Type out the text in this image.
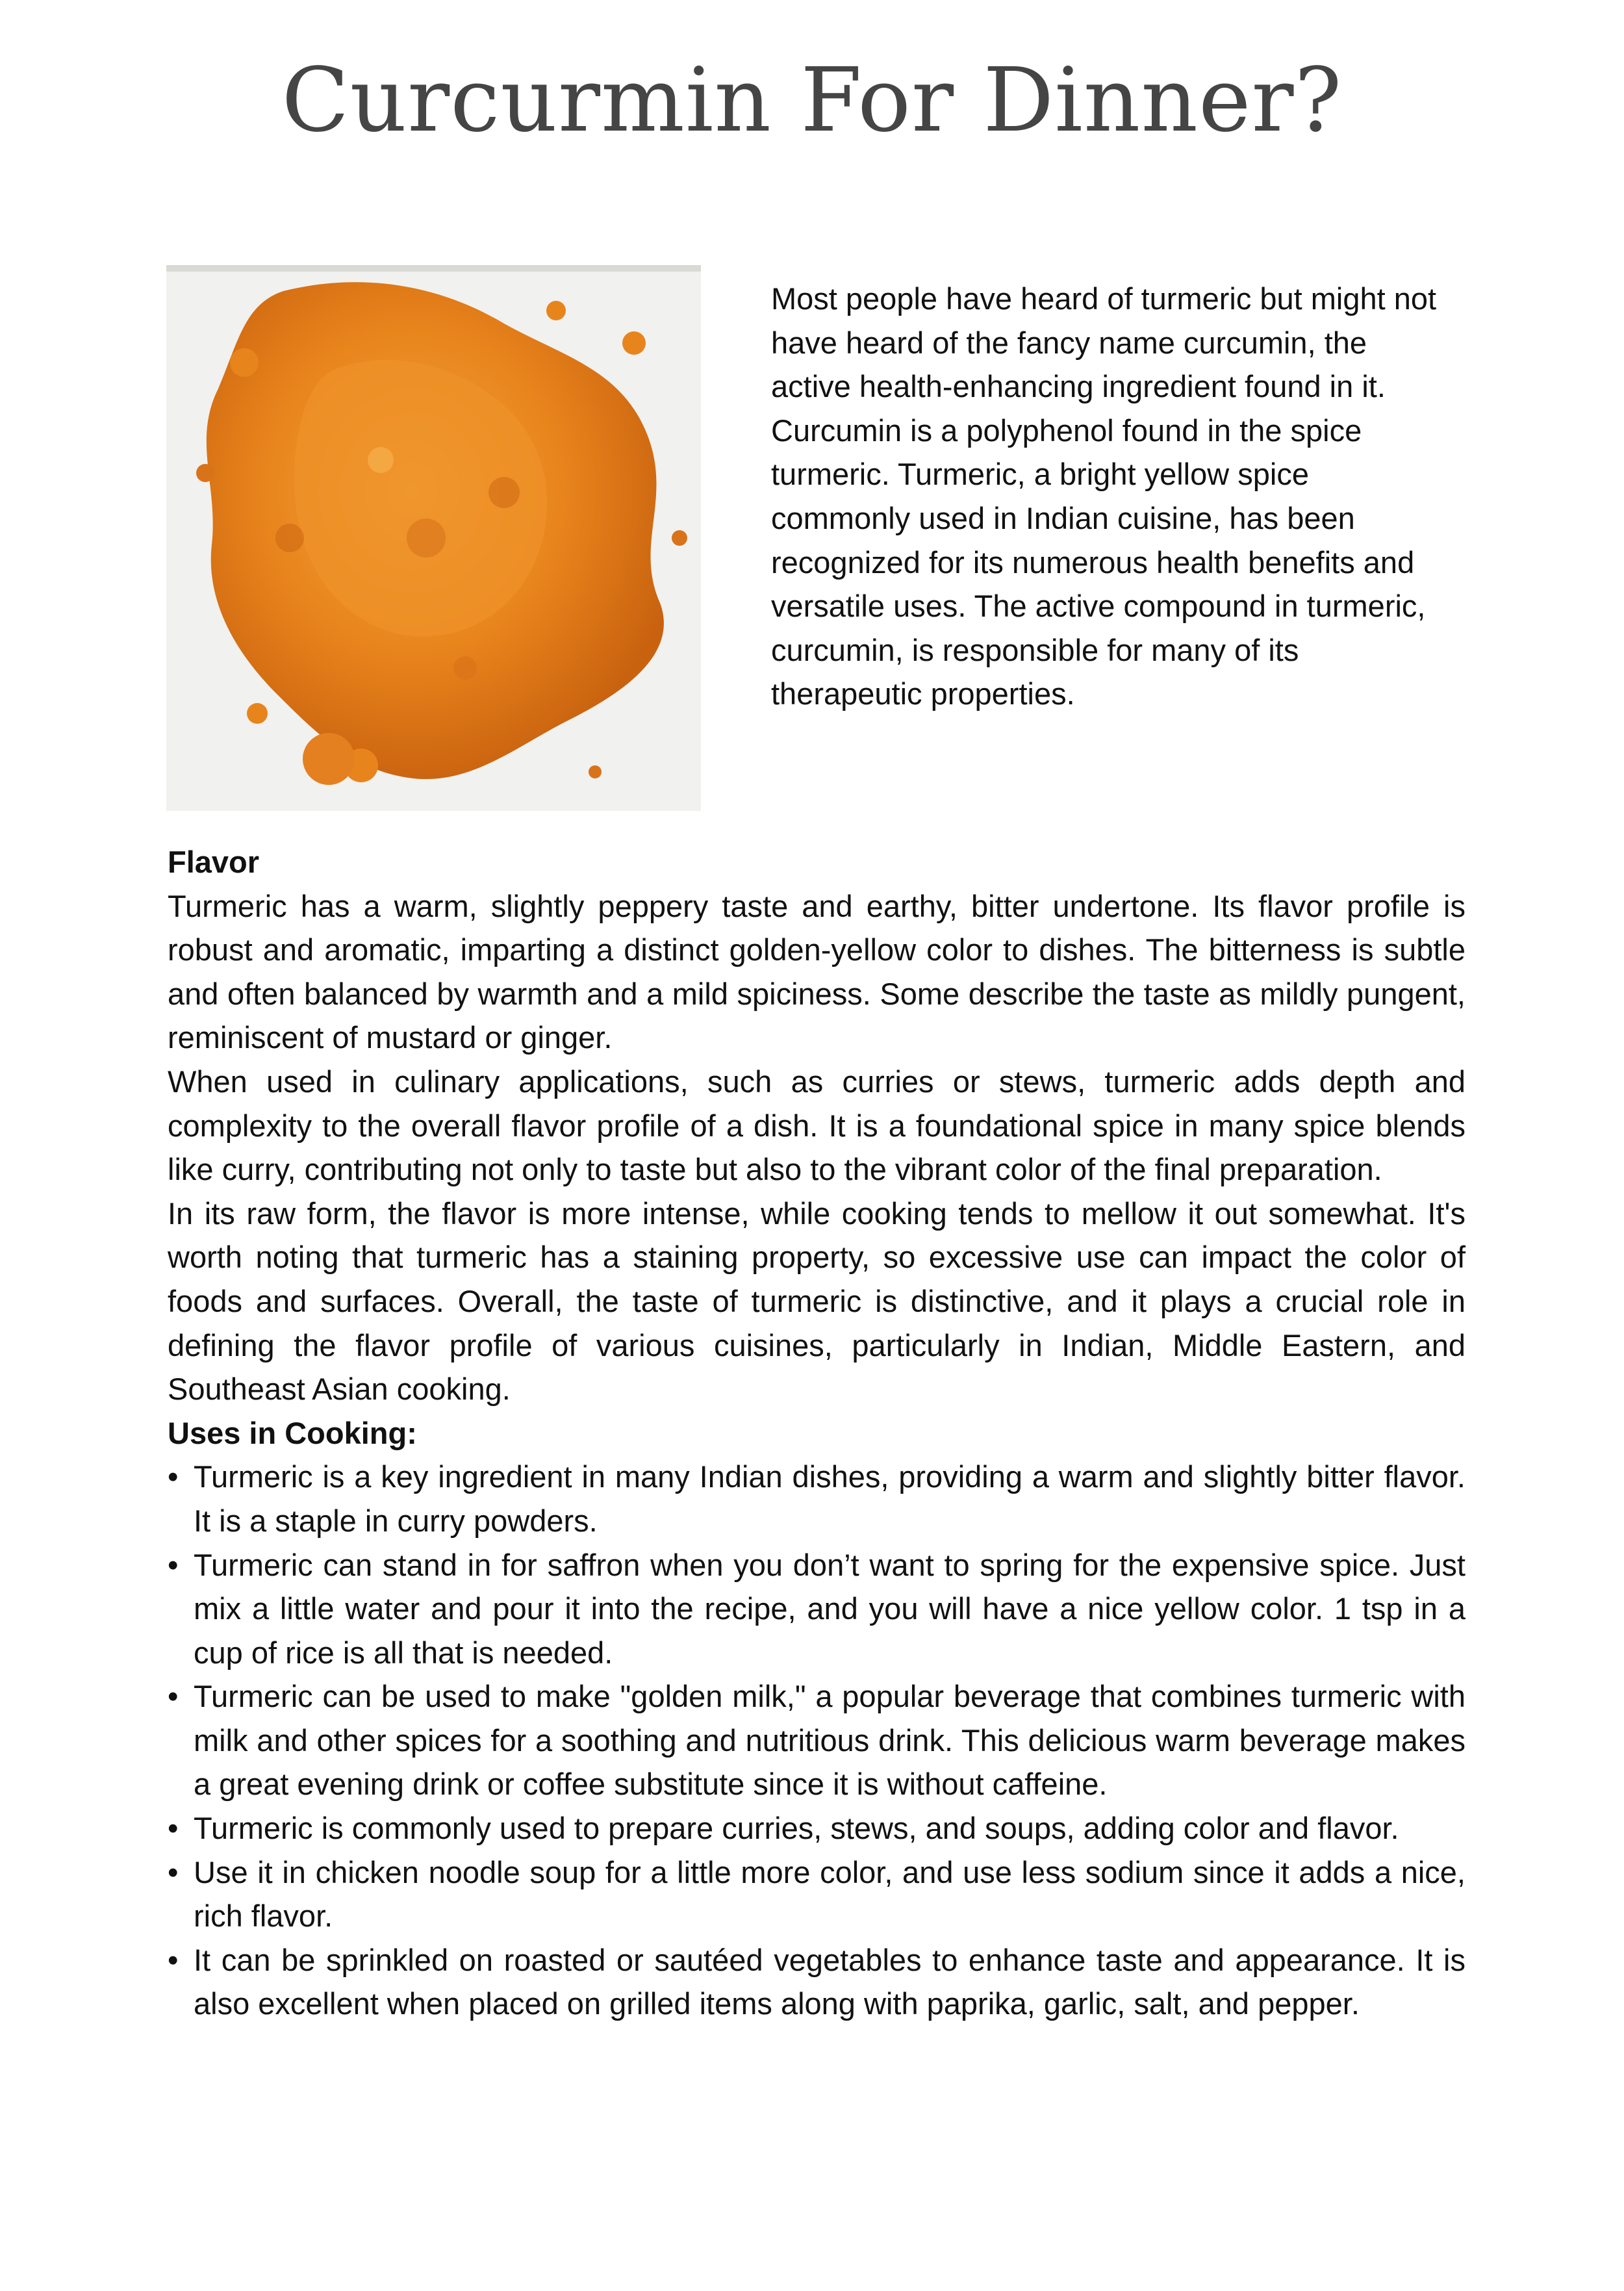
Curcurmin For Dinner?

Most people have heard of turmeric but might not have heard of the fancy name curcumin, the active health-enhancing ingredient found in it. Curcumin is a polyphenol found in the spice turmeric. Turmeric, a bright yellow spice commonly used in Indian cuisine, has been recognized for its numerous health benefits and versatile uses. The active compound in turmeric, curcumin, is responsible for many of its therapeutic properties.

Flavor

Turmeric has a warm, slightly peppery taste and earthy, bitter undertone. Its flavor profile is robust and aromatic, imparting a distinct golden-yellow color to dishes. The bitterness is subtle and often balanced by warmth and a mild spiciness. Some describe the taste as mildly pungent, reminiscent of mustard or ginger.

When used in culinary applications, such as curries or stews, turmeric adds depth and complexity to the overall flavor profile of a dish. It is a foundational spice in many spice blends like curry, contributing not only to taste but also to the vibrant color of the final preparation.

In its raw form, the flavor is more intense, while cooking tends to mellow it out somewhat. It's worth noting that turmeric has a staining property, so excessive use can impact the color of foods and surfaces. Overall, the taste of turmeric is distinctive, and it plays a crucial role in defining the flavor profile of various cuisines, particularly in Indian, Middle Eastern, and Southeast Asian cooking.

Uses in Cooking:
• Turmeric is a key ingredient in many Indian dishes, providing a warm and slightly bitter flavor. It is a staple in curry powders.
• Turmeric can stand in for saffron when you don’t want to spring for the expensive spice. Just mix a little water and pour it into the recipe, and you will have a nice yellow color. 1 tsp in a cup of rice is all that is needed.
• Turmeric can be used to make "golden milk," a popular beverage that combines turmeric with milk and other spices for a soothing and nutritious drink. This delicious warm beverage makes a great evening drink or coffee substitute since it is without caffeine.
• Turmeric is commonly used to prepare curries, stews, and soups, adding color and flavor.
• Use it in chicken noodle soup for a little more color, and use less sodium since it adds a nice, rich flavor.
• It can be sprinkled on roasted or sautéed vegetables to enhance taste and appearance. It is also excellent when placed on grilled items along with paprika, garlic, salt, and pepper.
